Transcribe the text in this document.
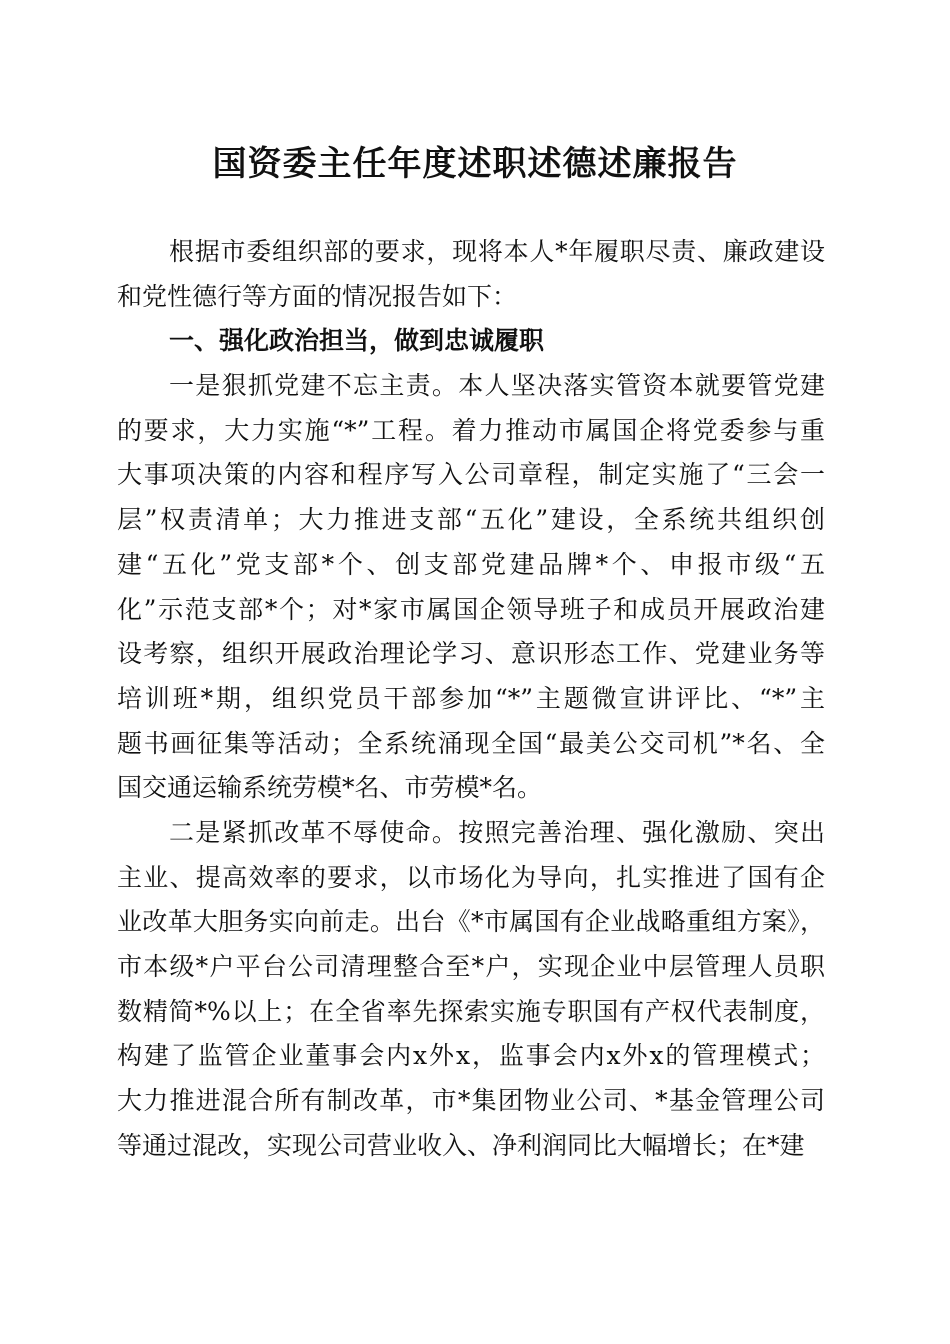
国资委主任年度述职述德述廉报告
根据市委组织部的要求，现将本人*年履职尽责、廉政建设
和党性德行等方面的情况报告如下：
一、强化政治担当，做到忠诚履职
一是狠抓党建不忘主责。本人坚决落实管资本就要管党建
的要求，大力实施“*”工程。着力推动市属国企将党委参与重
大事项决策的内容和程序写入公司章程，制定实施了“三会一
层”权责清单；大力推进支部“五化”建设，全系统共组织创
建“五化”党支部*个、创支部党建品牌*个、申报市级“五
化”示范支部*个；对*家市属国企领导班子和成员开展政治建
设考察，组织开展政治理论学习、意识形态工作、党建业务等
培训班*期，组织党员干部参加“*”主题微宣讲评比、“*”主
题书画征集等活动；全系统涌现全国“最美公交司机”*名、全
国交通运输系统劳模*名、市劳模*名。
二是紧抓改革不辱使命。按照完善治理、强化激励、突出
主业、提高效率的要求，以市场化为导向，扎实推进了国有企
业改革大胆务实向前走。出台《*市属国有企业战略重组方案》，
市本级*户平台公司清理整合至*户，实现企业中层管理人员职
数精简*%以上；在全省率先探索实施专职国有产权代表制度，
构建了监管企业董事会内x外x，监事会内x外x的管理模式；
大力推进混合所有制改革，市*集团物业公司、*基金管理公司
等通过混改，实现公司营业收入、净利润同比大幅增长；在*建
